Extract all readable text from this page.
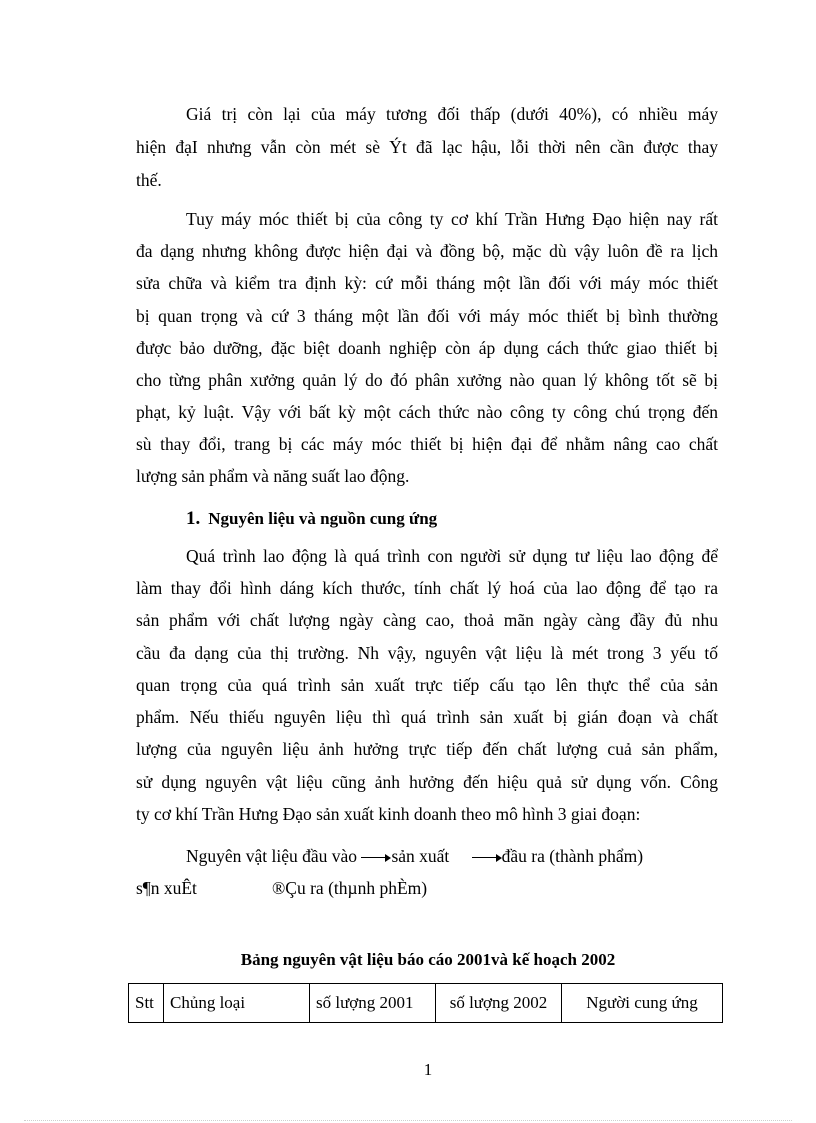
Giá trị còn lại của máy tương đối thấp (dưới 40%), có nhiều máy
hiện đạI nhưng vẫn còn mét sè Ýt đã lạc hậu, lỗi thời nên cần được thay
thế.
Tuy máy móc thiết bị của công ty cơ khí Trần Hưng Đạo hiện nay rất
đa dạng nhưng không được hiện đại và đồng bộ, mặc dù vậy luôn đề ra lịch
sửa chữa và kiểm tra định kỳ: cứ mỗi tháng một lần đối với máy móc thiết
bị quan trọng và cứ 3 tháng một lần đối với máy móc thiết bị bình thường
được bảo dưỡng, đặc biệt doanh nghiệp còn áp dụng cách thức giao thiết bị
cho từng phân xưởng quản lý do đó phân xưởng nào quan lý không tốt sẽ bị
phạt, kỷ luật. Vậy với bất kỳ một cách thức nào công ty công chú trọng đến
sù thay đổi, trang bị các máy móc thiết bị hiện đại để nhằm nâng cao chất
lượng sản phẩm và năng suất lao động.
1. Nguyên liệu và nguồn cung ứng
Quá trình lao động là quá trình con người sử dụng tư liệu lao động để
làm thay đổi hình dáng kích thước, tính chất lý hoá của lao động để tạo ra
sản phẩm với chất lượng ngày càng cao, thoả mãn ngày càng đầy đủ nhu
cầu đa dạng của thị trường. Nh vậy, nguyên vật liệu là mét trong 3 yếu tố
quan trọng của quá trình sản xuất trực tiếp cấu tạo lên thực thể của sản
phẩm. Nếu thiếu nguyên liệu thì quá trình sản xuất bị gián đoạn và chất
lượng của nguyên liệu ảnh hưởng trực tiếp đến chất lượng cuả sản phẩm,
sử dụng nguyên vật liệu cũng ảnh hưởng đến hiệu quả sử dụng vốn. Công
ty cơ khí Trần Hưng Đạo sản xuất kinh doanh theo mô hình 3 giai đoạn:
Nguyên vật liệu đầu vào sản xuất	đầu ra (thành phẩm)
s¶n xuÊt	®Çu ra (thµnh phÈm)
Bảng nguyên vật liệu báo cáo 2001và kế hoạch 2002
Stt	Chủng loại	số lượng 2001	số lượng 2002	Người cung ứng
1
